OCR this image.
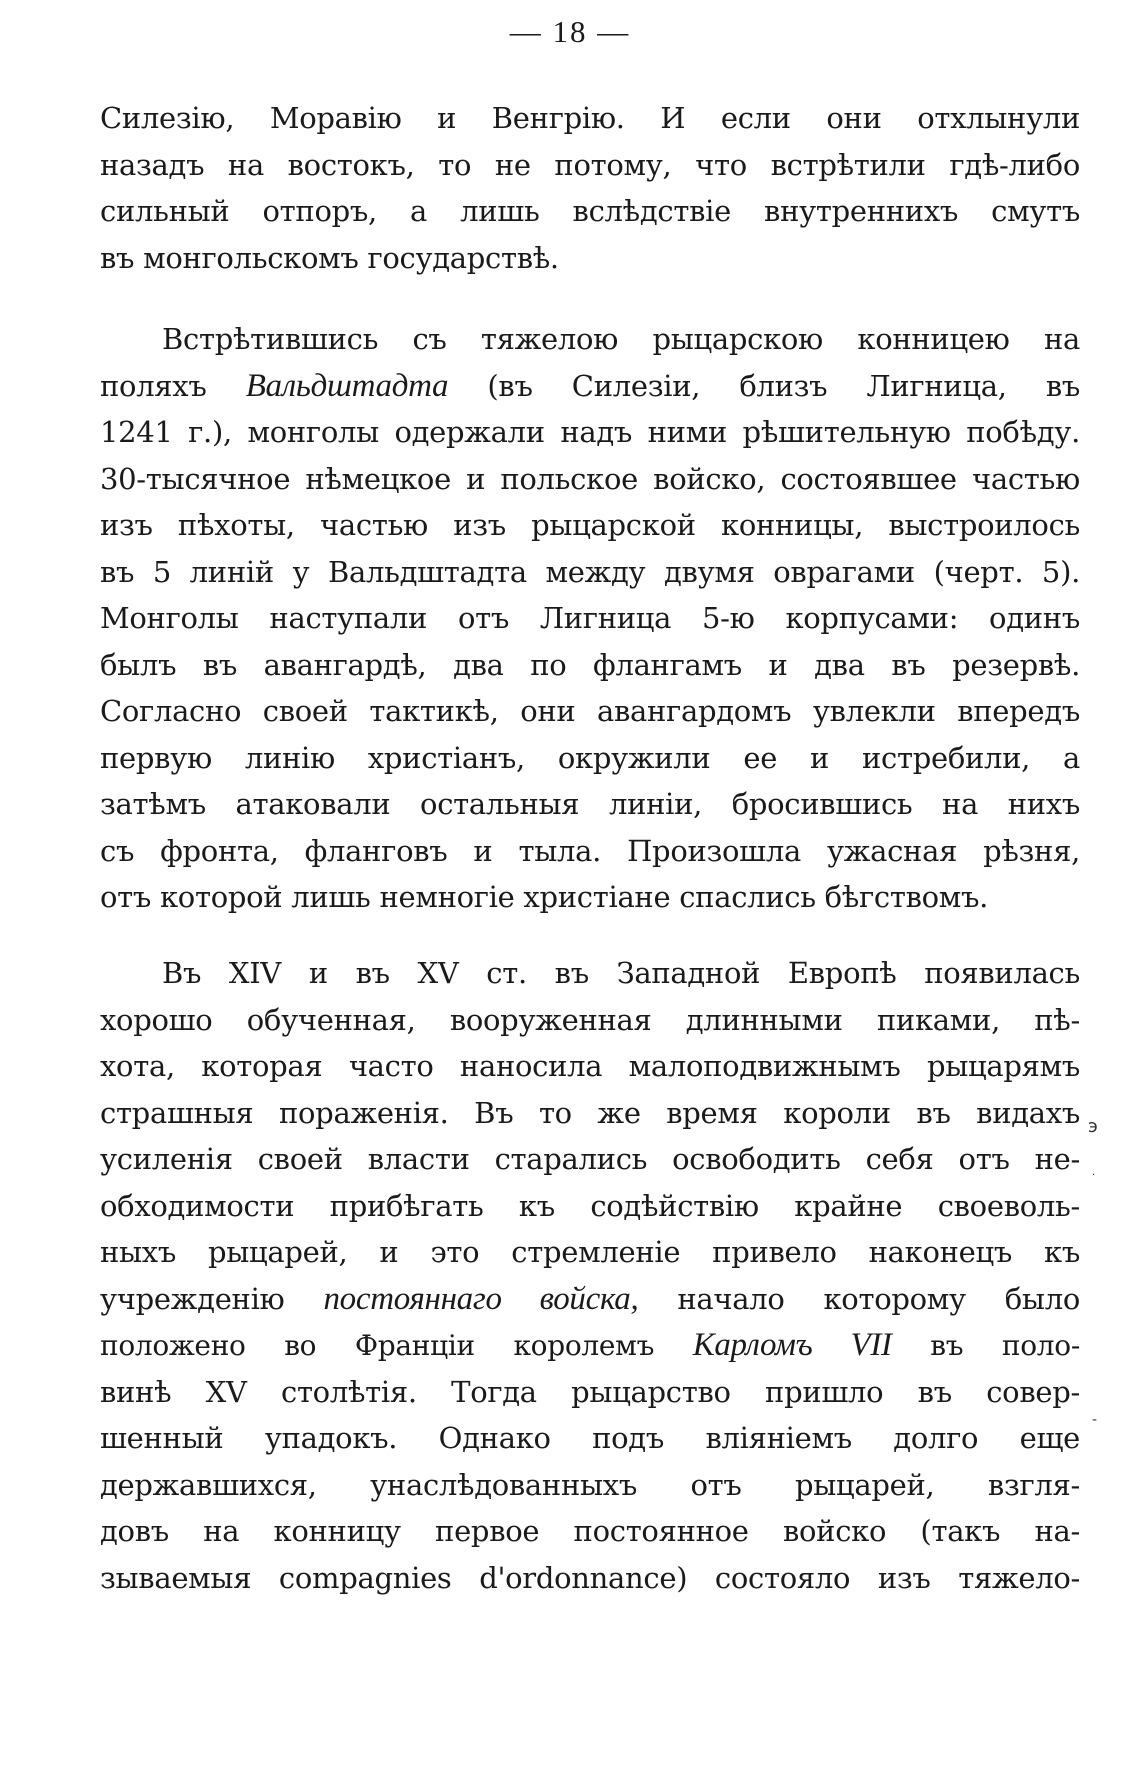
— 18 —
Силезію, Моравію и Венгрію. И если они отхлынули
назадъ на востокъ, то не потому, что встрѣтили гдѣ-либо
сильный отпоръ, а лишь вслѣдствіе внутреннихъ смутъ
въ монгольскомъ государствѣ.
Встрѣтившись съ тяжелою рыцарскою конницею на
поляхъ Вальдштадта (въ Силезіи, близъ Лигница, въ
1241 г.), монголы одержали надъ ними рѣшительную побѣду.
30-тысячное нѣмецкое и польское войско, состоявшее частью
изъ пѣхоты, частью изъ рыцарской конницы, выстроилось
въ 5 линій у Вальдштадта между двумя оврагами (черт. 5).
Монголы наступали отъ Лигница 5-ю корпусами: одинъ
былъ въ авангардѣ, два по флангамъ и два въ резервѣ.
Согласно своей тактикѣ, они авангардомъ увлекли впередъ
первую линію христіанъ, окружили ее и истребили, а
затѣмъ атаковали остальныя линіи, бросившись на нихъ
съ фронта, фланговъ и тыла. Произошла ужасная рѣзня,
отъ которой лишь немногіе христіане спаслись бѣгствомъ.
Въ XIV и въ XV ст. въ Западной Европѣ появилась
хорошо обученная, вооруженная длинными пиками, пѣ-
хота, которая часто наносила малоподвижнымъ рыцарямъ
страшныя пораженія. Въ то же время короли въ видахъ
усиленія своей власти старались освободить себя отъ не-
обходимости прибѣгать къ содѣйствію крайне своеволь-
ныхъ рыцарей, и это стремленіе привело наконецъ къ
учрежденію постояннаго войска, начало которому было
положено во Франціи королемъ Карломъ VII въ поло-
винѣ XV столѣтія. Тогда рыцарство пришло въ совер-
шенный упадокъ. Однако подъ вліяніемъ долго еще
державшихся, унаслѣдованныхъ отъ рыцарей, взгля-
довъ на конницу первое постоянное войско (такъ на-
зываемыя compagnies d'ordonnance) состояло изъ тяжело-
э
·
-
